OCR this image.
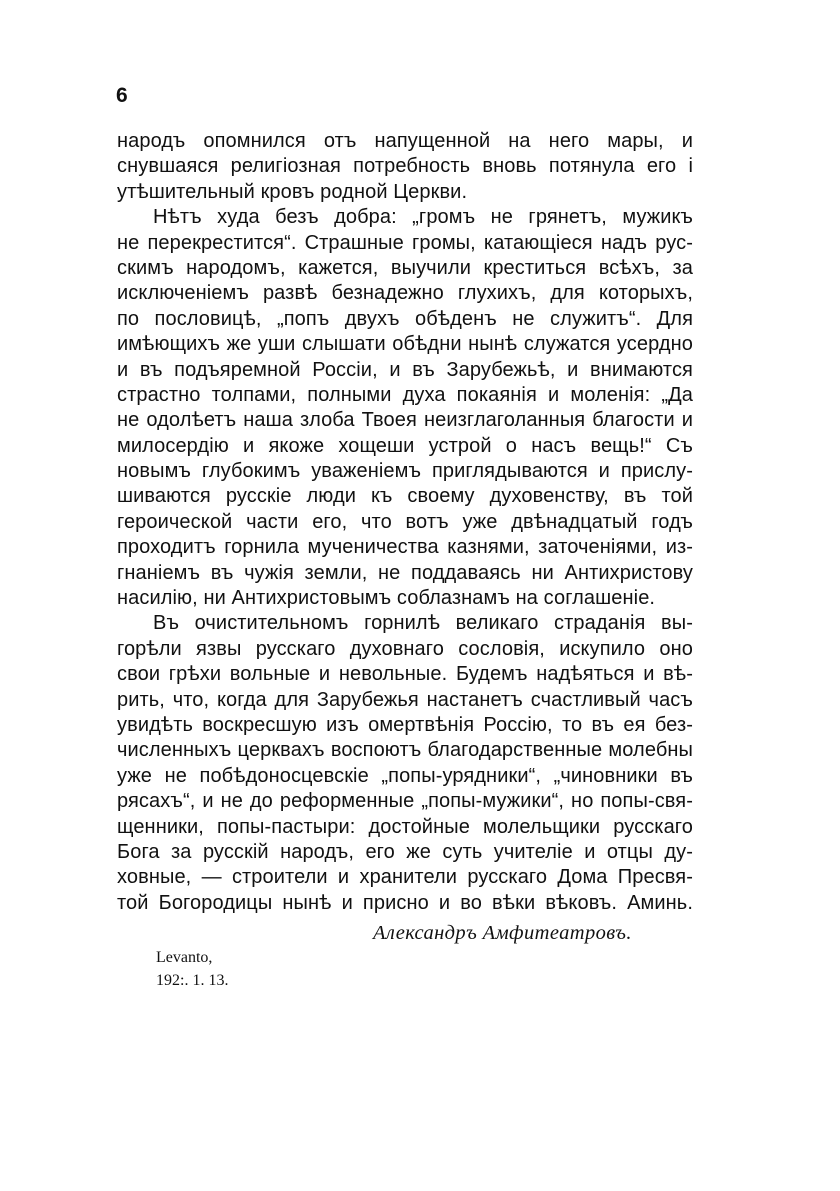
6
народъ опомнился отъ напущенной на него мары, и
снувшаяся религіозная потребность вновь потянула его і
утѣшительный кровъ родной Церкви.
Нѣтъ худа безъ добра: „громъ не грянетъ, мужикъ
не перекрестится“. Страшные громы, катающіеся надъ рус-
скимъ народомъ, кажется, выучили креститься всѣхъ, за
исключеніемъ развѣ безнадежно глухихъ, для которыхъ,
по пословицѣ, „попъ двухъ обѣденъ не служитъ“. Для
имѣющихъ же уши слышати обѣдни нынѣ служатся усердно
и въ подъяремной Россіи, и въ Зарубежьѣ, и внимаются
страстно толпами, полными духа покаянія и моленія: „Да
не одолѣетъ наша злоба Твоея неизглаголанныя благости и
милосердію и якоже хощеши устрой о насъ вещь!“ Съ
новымъ глубокимъ уваженіемъ приглядываются и прислу-
шиваются русскіе люди къ своему духовенству, въ той
героической части его, что вотъ уже двѣнадцатый годъ
проходитъ горнила мученичества казнями, заточеніями, из-
гнаніемъ въ чужія земли, не поддаваясь ни Антихристову
насилію, ни Антихристовымъ соблазнамъ на соглашеніе.
Въ очистительномъ горнилѣ великаго страданія вы-
горѣли язвы русскаго духовнаго сословія, искупило оно
свои грѣхи вольные и невольные. Будемъ надѣяться и вѣ-
рить, что, когда для Зарубежья настанетъ счастливый часъ
увидѣть воскресшую изъ омертвѣнія Россію, то въ ея без-
численныхъ церквахъ воспоютъ благодарственные молебны
уже не побѣдоносцевскіе „попы-урядники“, „чиновники въ
рясахъ“, и не до реформенные „попы-мужики“, но попы-свя-
щенники, попы-пастыри: достойные молельщики русскаго
Бога за русскій народъ, его же суть учителіе и отцы ду-
ховные, — строители и хранители русскаго Дома Пресвя-
той Богородицы нынѣ и присно и во вѣки вѣковъ. Аминь.
Александръ Амфитеатровъ.
Levanto,
192:. 1. 13.
